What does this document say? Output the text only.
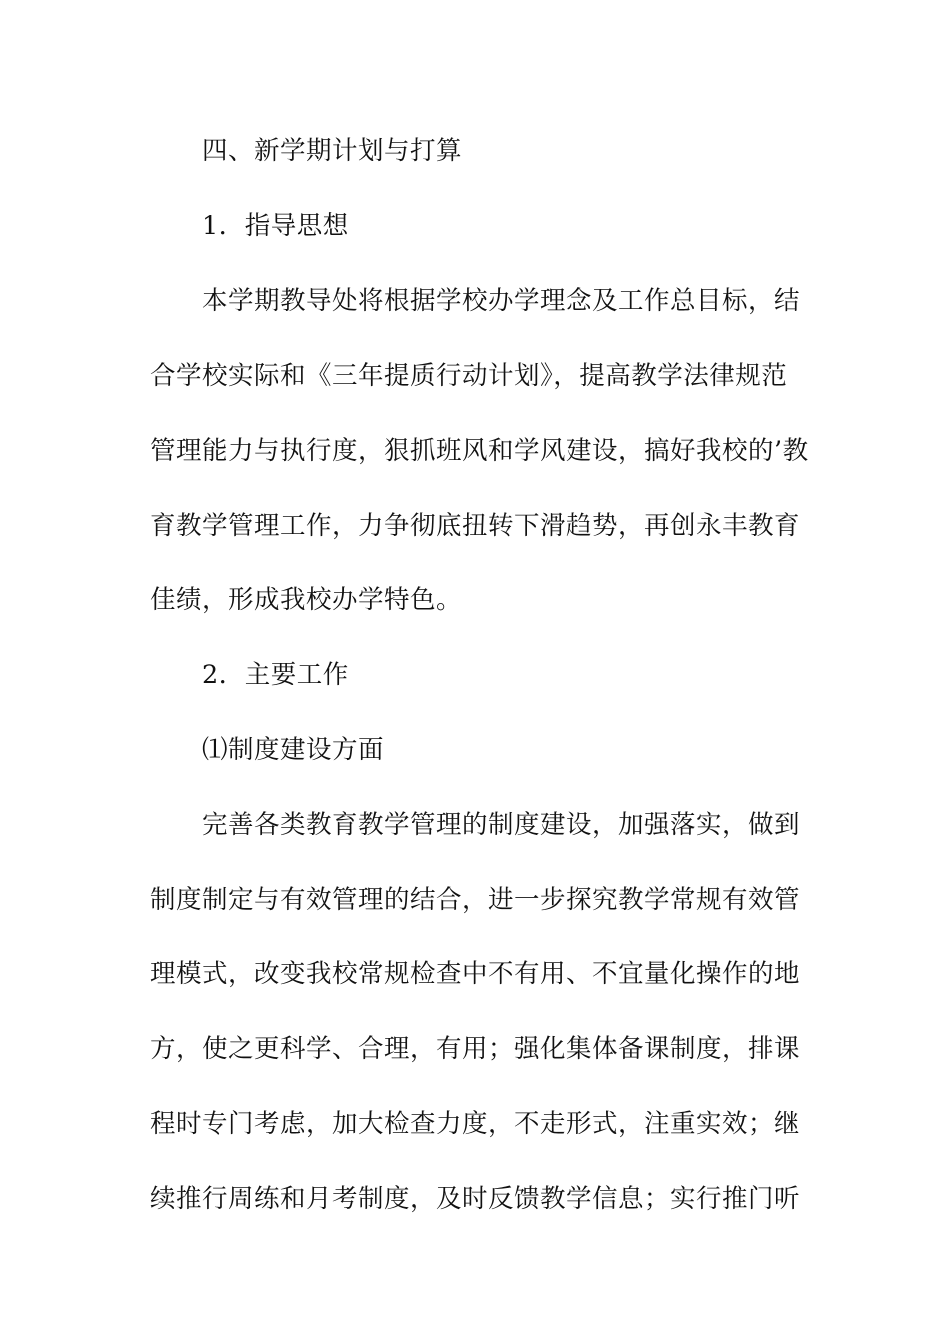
四、新学期计划与打算
1．指导思想
本学期教导处将根据学校办学理念及工作总目标，结
合学校实际和《三年提质行动计划》，提高教学法律规范
管理能力与执行度，狠抓班风和学风建设，搞好我校的’教
育教学管理工作，力争彻底扭转下滑趋势，再创永丰教育
佳绩，形成我校办学特色。
2．主要工作
⑴制度建设方面
完善各类教育教学管理的制度建设，加强落实，做到
制度制定与有效管理的结合，进一步探究教学常规有效管
理模式，改变我校常规检查中不有用、不宜量化操作的地
方，使之更科学、合理，有用；强化集体备课制度，排课
程时专门考虑，加大检查力度，不走形式，注重实效；继
续推行周练和月考制度，及时反馈教学信息；实行推门听
